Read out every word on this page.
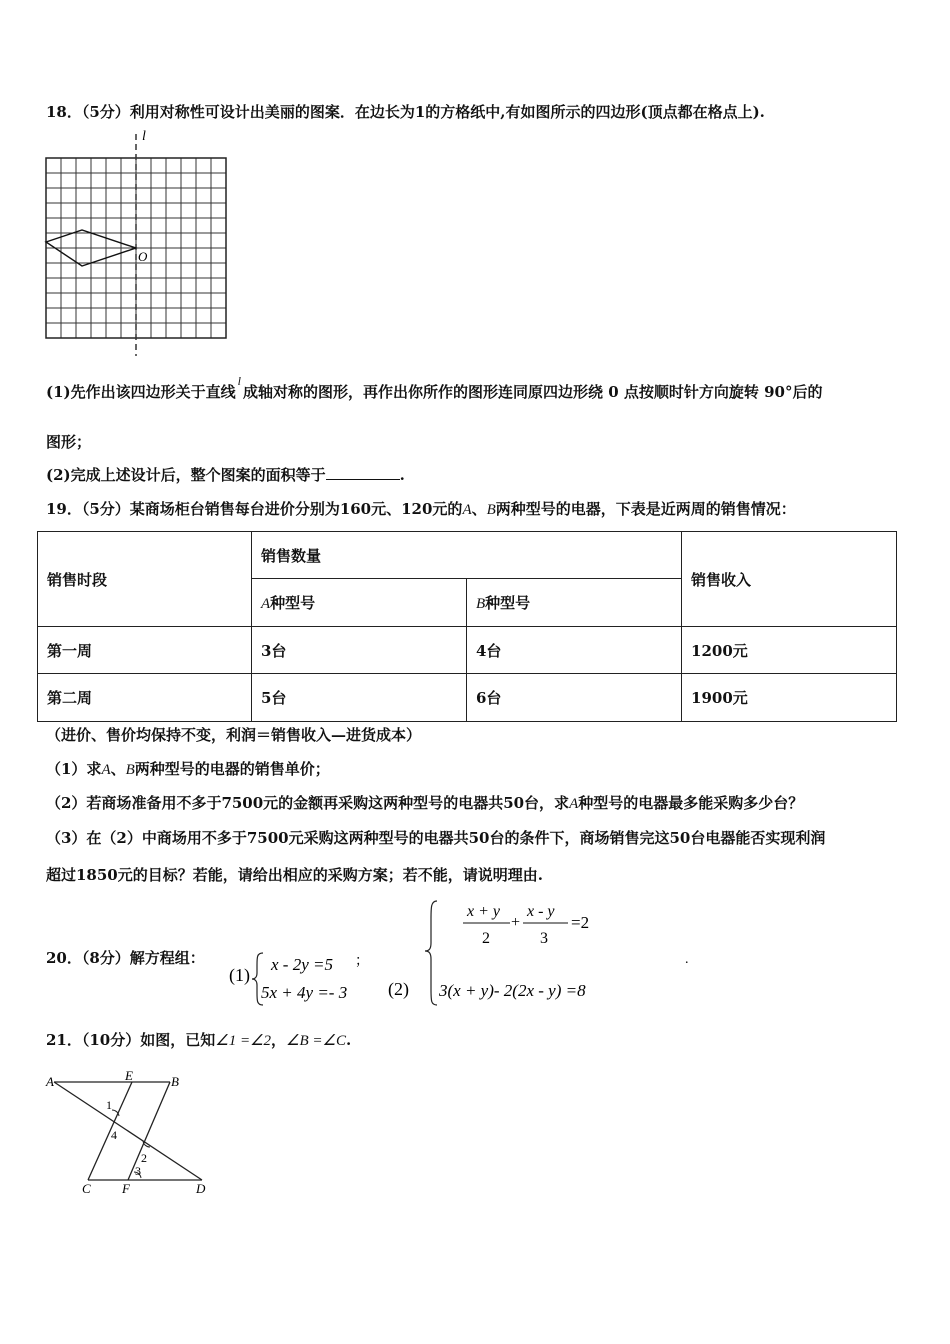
18．（5分）利用对称性可设计出美丽的图案．在边长为1的方格纸中,有如图所示的四边形(顶点都在格点上).
l
O
(1)先作出该四边形关于直线$^l$成轴对称的图形，再作出你所作的图形连同原四边形绕 0 点按顺时针方向旋转 90°后的
图形；
(2)完成上述设计后，整个图案的面积等于	.
19．（5分）某商场柜台销售每台进价分别为160元、120元的A、B两种型号的电器，下表是近两周的销售情况：
销售时段	销售数量		销售收入
	A种型号	B种型号	
第一周	3台	4台	1200元
第二周	5台	6台	1900元
（进价、售价均保持不变，利润＝销售收入—进货成本）
（1）求A、B两种型号的电器的销售单价；
（2）若商场准备用不多于7500元的金额再采购这两种型号的电器共50台，求A种型号的电器最多能采购多少台？
（3）在（2）中商场用不多于7500元采购这两种型号的电器共50台的条件下，商场销售完这50台电器能否实现利润
超过1850元的目标？若能，请给出相应的采购方案；若不能，请说明理由.
20．（8分）解方程组：
(1)
x - 2y =5
5x + 4y =- 3
；
(2)
x + y
2
+
x - y
3
=2
3(x + y)- 2(2x - y) =8
.
21．（10分）如图，已知∠1 =∠2，∠B =∠C.
A	E	B
C F	D
1
4
2
3
